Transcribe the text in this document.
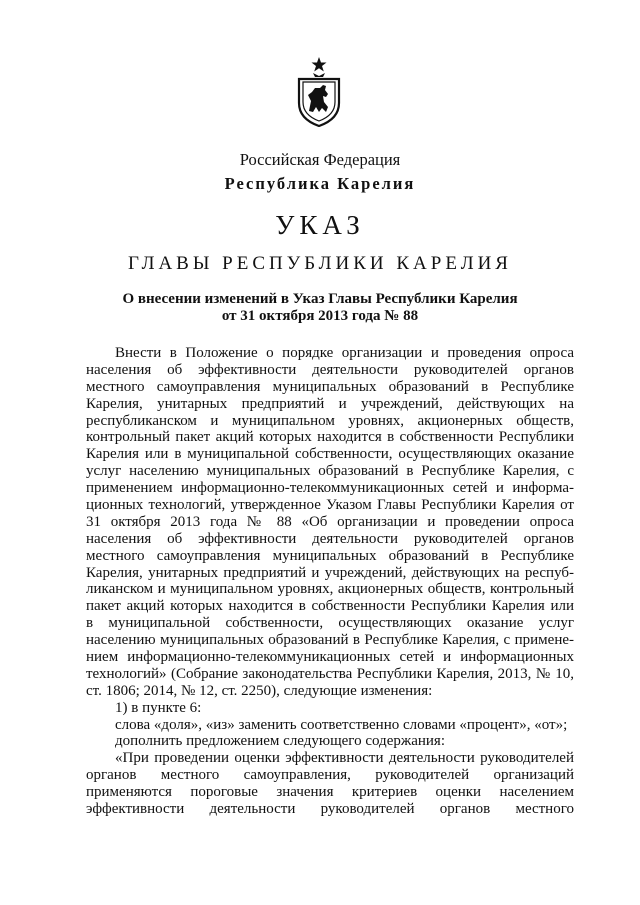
Российская Федерация
Республика Карелия
УКАЗ
ГЛАВЫ РЕСПУБЛИКИ КАРЕЛИЯ
О внесении изменений в Указ Главы Республики Карелия
от 31 октября 2013 года № 88
Внести в Положение о порядке организации и проведения опроса
населения об эффективности деятельности руководителей органов
местного самоуправления муниципальных образований в Республике
Карелия, унитарных предприятий и учреждений, действующих на
республиканском и муниципальном уровнях, акционерных обществ,
контрольный пакет акций которых находится в собственности Республики
Карелия или в муниципальной собственности, осуществляющих оказание
услуг населению муниципальных образований в Республике Карелия, с
применением информационно-телекоммуникационных сетей и информа-
ционных технологий, утвержденное Указом Главы Республики Карелия от
31 октября 2013 года № 88 «Об организации и проведении опроса
населения об эффективности деятельности руководителей органов
местного самоуправления муниципальных образований в Республике
Карелия, унитарных предприятий и учреждений, действующих на респуб-
ликанском и муниципальном уровнях, акционерных обществ, контрольный
пакет акций которых находится в собственности Республики Карелия или
в муниципальной собственности, осуществляющих оказание услуг
населению муниципальных образований в Республике Карелия, с примене-
нием информационно-телекоммуникационных сетей и информационных
технологий» (Собрание законодательства Республики Карелия, 2013, № 10,
ст. 1806; 2014, № 12, ст. 2250), следующие изменения:
1) в пункте 6:
слова «доля», «из» заменить соответственно словами «процент», «от»;
дополнить предложением следующего содержания:
«При проведении оценки эффективности деятельности руководителей
органов местного самоуправления, руководителей организаций
применяются пороговые значения критериев оценки населением
эффективности деятельности руководителей органов местного
